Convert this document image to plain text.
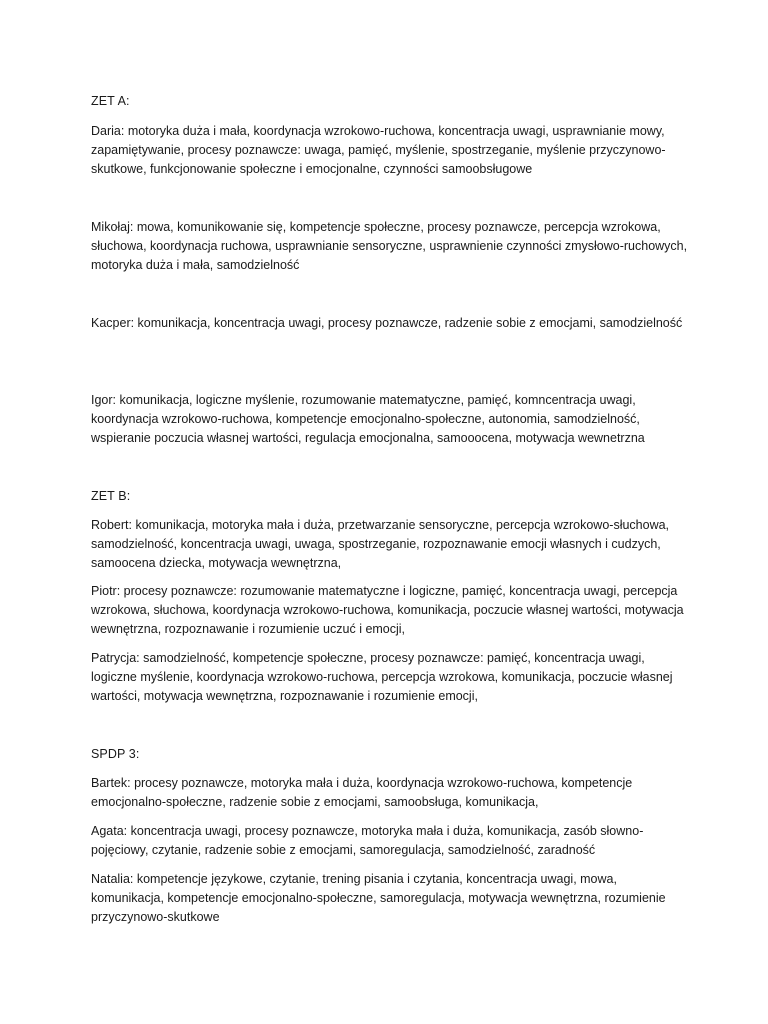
ZET A:
Daria: motoryka duża i mała, koordynacja wzrokowo-ruchowa, koncentracja uwagi, usprawnianie mowy, zapamiętywanie, procesy poznawcze: uwaga, pamięć, myślenie, spostrzeganie, myślenie przyczynowo-skutkowe, funkcjonowanie społeczne i emocjonalne, czynności samoobsługowe
Mikołaj: mowa, komunikowanie się, kompetencje społeczne, procesy poznawcze, percepcja wzrokowa, słuchowa, koordynacja ruchowa, usprawnianie sensoryczne, usprawnienie czynności zmysłowo-ruchowych, motoryka duża i mała, samodzielność
Kacper: komunikacja, koncentracja uwagi, procesy poznawcze, radzenie sobie z emocjami, samodzielność
Igor: komunikacja, logiczne myślenie, rozumowanie matematyczne, pamięć, komncentracja uwagi, koordynacja wzrokowo-ruchowa, kompetencje emocjonalno-społeczne, autonomia, samodzielność, wspieranie poczucia własnej wartości, regulacja emocjonalna, samooocena, motywacja wewnetrzna
ZET B:
Robert: komunikacja, motoryka mała i duża, przetwarzanie sensoryczne, percepcja wzrokowo-słuchowa, samodzielność, koncentracja uwagi, uwaga, spostrzeganie, rozpoznawanie emocji własnych i cudzych, samoocena dziecka, motywacja wewnętrzna,
Piotr: procesy poznawcze: rozumowanie matematyczne i logiczne, pamięć, koncentracja uwagi, percepcja wzrokowa, słuchowa, koordynacja wzrokowo-ruchowa, komunikacja, poczucie własnej wartości, motywacja wewnętrzna, rozpoznawanie i rozumienie uczuć i emocji,
Patrycja: samodzielność, kompetencje społeczne, procesy poznawcze: pamięć, koncentracja uwagi, logiczne myślenie, koordynacja wzrokowo-ruchowa, percepcja wzrokowa, komunikacja, poczucie własnej wartości, motywacja wewnętrzna, rozpoznawanie i rozumienie emocji,
SPDP 3:
Bartek: procesy poznawcze, motoryka mała i duża, koordynacja wzrokowo-ruchowa, kompetencje emocjonalno-społeczne, radzenie sobie z emocjami, samoobsługa, komunikacja,
Agata: koncentracja uwagi, procesy poznawcze, motoryka mała i duża, komunikacja, zasób słowno-pojęciowy, czytanie, radzenie sobie z emocjami, samoregulacja, samodzielność, zaradność
Natalia: kompetencje językowe, czytanie, trening pisania i czytania, koncentracja uwagi, mowa, komunikacja, kompetencje emocjonalno-społeczne, samoregulacja, motywacja wewnętrzna, rozumienie przyczynowo-skutkowe
